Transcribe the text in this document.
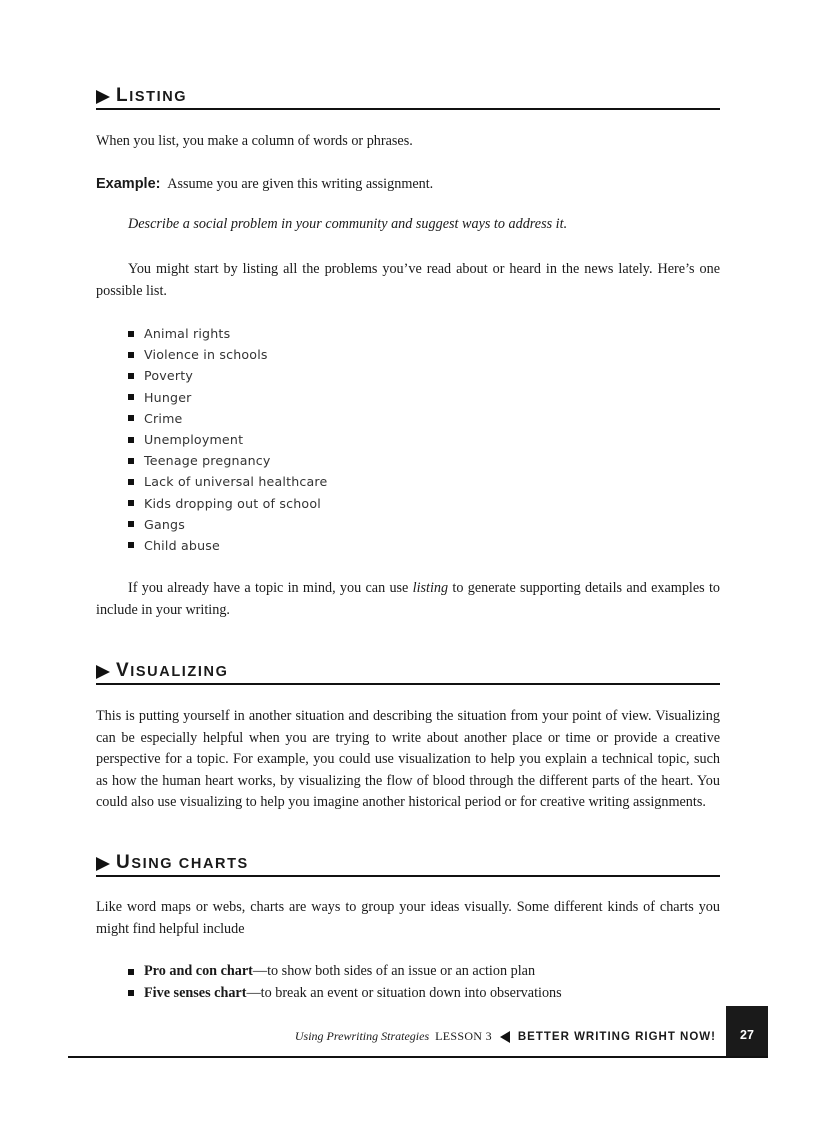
LISTING

When you list, you make a column of words or phrases.

Example: Assume you are given this writing assignment.

Describe a social problem in your community and suggest ways to address it.

You might start by listing all the problems you’ve read about or heard in the news lately. Here’s one possible list.

Animal rights
Violence in schools
Poverty
Hunger
Crime
Unemployment
Teenage pregnancy
Lack of universal healthcare
Kids dropping out of school
Gangs
Child abuse

If you already have a topic in mind, you can use listing to generate supporting details and examples to include in your writing.

VISUALIZING

This is putting yourself in another situation and describing the situation from your point of view. Visualizing can be especially helpful when you are trying to write about another place or time or provide a creative perspective for a topic. For example, you could use visualization to help you explain a technical topic, such as how the human heart works, by visualizing the flow of blood through the different parts of the heart. You could also use visualizing to help you imagine another historical period or for creative writing assignments.

USING CHARTS

Like word maps or webs, charts are ways to group your ideas visually. Some different kinds of charts you might find helpful include

Pro and con chart —to show both sides of an issue or an action plan
Five senses chart —to break an event or situation down into observations
Using Prewriting Strategies LESSON 3 BETTER WRITING RIGHT NOW!	27
